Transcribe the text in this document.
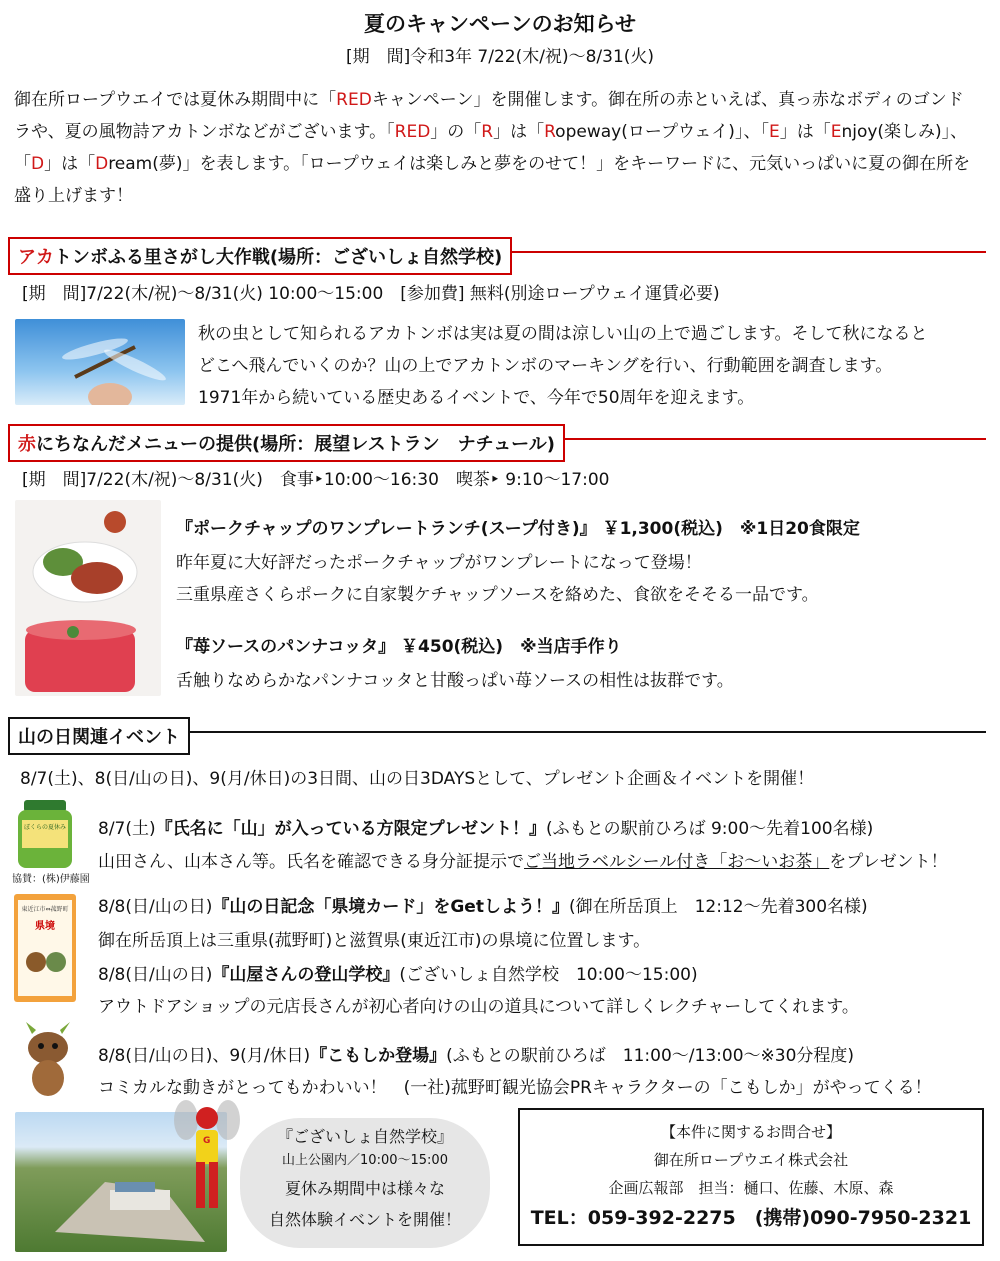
夏のキャンペーンのお知らせ
[期　間]令和3年 7/22(木/祝)～8/31(火)
御在所ロープウエイでは夏休み期間中に「REDキャンペーン」を開催します。御在所の赤といえば、真っ赤なボディのゴンド
ラや、夏の風物詩アカトンボなどがございます。「RED」の「R」は「Ropeway(ロープウェイ)」、「E」は「Enjoy(楽しみ)」、
「D」は「Dream(夢)」を表します。「ロープウェイは楽しみと夢をのせて！」をキーワードに、元気いっぱいに夏の御在所を
盛り上げます！
アカトンボふる里さがし大作戦(場所：ございしょ自然学校)
[期　間]7/22(木/祝)～8/31(火) 10:00～15:00　[参加費] 無料(別途ロープウェイ運賃必要)
秋の虫として知られるアカトンボは実は夏の間は涼しい山の上で過ごします。そして秋になると
どこへ飛んでいくのか？山の上でアカトンボのマーキングを行い、行動範囲を調査します。
1971年から続いている歴史あるイベントで、今年で50周年を迎えます。
赤にちなんだメニューの提供(場所：展望レストラン　ナチュール)
[期　間]7/22(木/祝)～8/31(火)　食事‣10:00～16:30　喫茶‣ 9:10～17:00
『ポークチャップのワンプレートランチ(スープ付き)』 ￥1,300(税込)　※1日20食限定
昨年夏に大好評だったポークチャップがワンプレートになって登場！
三重県産さくらポークに自家製ケチャップソースを絡めた、食欲をそそる一品です。
『苺ソースのパンナコッタ』 ￥450(税込)　※当店手作り
舌触りなめらかなパンナコッタと甘酸っぱい苺ソースの相性は抜群です。
山の日関連イベント
8/7(土)、8(日/山の日)、9(月/休日)の3日間、山の日3DAYSとして、プレゼント企画＆イベントを開催！
ぼくらの夏休み
協賛：(株)伊藤園
8/7(土)『氏名に「山」が入っている方限定プレゼント！』(ふもとの駅前ひろば 9:00～先着100名様)
山田さん、山本さん等。氏名を確認できる身分証提示でご当地ラベルシール付き「お～いお茶」をプレゼント！
東近江市⇔菰野町
県境
8/8(日/山の日)『山の日記念「県境カード」をGetしよう！』(御在所岳頂上　12:12～先着300名様)
御在所岳頂上は三重県(菰野町)と滋賀県(東近江市)の県境に位置します。
8/8(日/山の日)『山屋さんの登山学校』(ございしょ自然学校　10:00～15:00)
アウトドアショップの元店長さんが初心者向けの山の道具について詳しくレクチャーしてくれます。
8/8(日/山の日)、9(月/休日)『こもしか登場』(ふもとの駅前ひろば　11:00～/13:00～※30分程度)
コミカルな動きがとってもかわいい！　(一社)菰野町観光協会PRキャラクターの「こもしか」がやってくる！
G	『ございしょ自然学校』
山上公園内／10:00～15:00
夏休み期間中は様々な
自然体験イベントを開催！
【本件に関するお問合せ】
御在所ロープウエイ株式会社
企画広報部　担当：樋口、佐藤、木原、森
TEL：059-392-2275　(携帯)090-7950-2321
